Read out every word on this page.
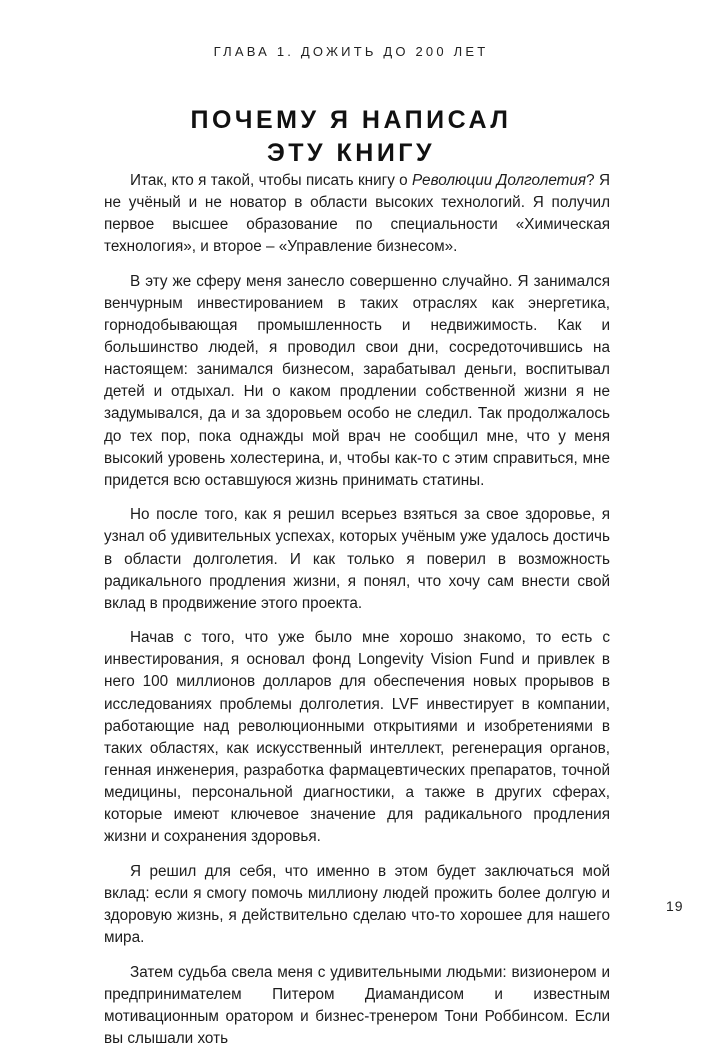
ГЛАВА 1. ДОЖИТЬ ДО 200 ЛЕТ
ПОЧЕМУ Я НАПИСАЛ
ЭТУ КНИГУ

Итак, кто я такой, чтобы писать книгу о Революции Долголетия? Я не учёный и не новатор в области высоких технологий. Я получил первое высшее образование по специальности «Химическая технология», и второе – «Управление бизнесом».

В эту же сферу меня занесло совершенно случайно. Я занимался венчурным инвестированием в таких отраслях как энергетика, горнодобывающая промышленность и недвижимость. Как и большинство людей, я проводил свои дни, сосредоточившись на настоящем: занимался бизнесом, зарабатывал деньги, воспитывал детей и отдыхал. Ни о каком продлении собственной жизни я не задумывался, да и за здоровьем особо не следил. Так продолжалось до тех пор, пока однажды мой врач не сообщил мне, что у меня высокий уровень холестерина, и, чтобы как-то с этим справиться, мне придется всю оставшуюся жизнь принимать статины.

Но после того, как я решил всерьез взяться за свое здоровье, я узнал об удивительных успехах, которых учёным уже удалось достичь в области долголетия. И как только я поверил в возможность радикального продления жизни, я понял, что хочу сам внести свой вклад в продвижение этого проекта.

Начав с того, что уже было мне хорошо знакомо, то есть с инвестирования, я основал фонд Longevity Vision Fund и привлек в него 100 миллионов долларов для обеспечения новых прорывов в исследованиях проблемы долголетия. LVF инвестирует в компании, работающие над революционными открытиями и изобретениями в таких областях, как искусственный интеллект, регенерация органов, генная инженерия, разработка фармацевтических препаратов, точной медицины, персональной диагностики, а также в других сферах, которые имеют ключевое значение для радикального продления жизни и сохранения здоровья.

Я решил для себя, что именно в этом будет заключаться мой вклад: если я смогу помочь миллиону людей прожить более долгую и здоровую жизнь, я действительно сделаю что-то хорошее для нашего мира.

Затем судьба свела меня с удивительными людьми: визионером и предпринимателем Питером Диамандисом и известным мотивационным оратором и бизнес-тренером Тони Роббинсом. Если вы слышали хоть

19
